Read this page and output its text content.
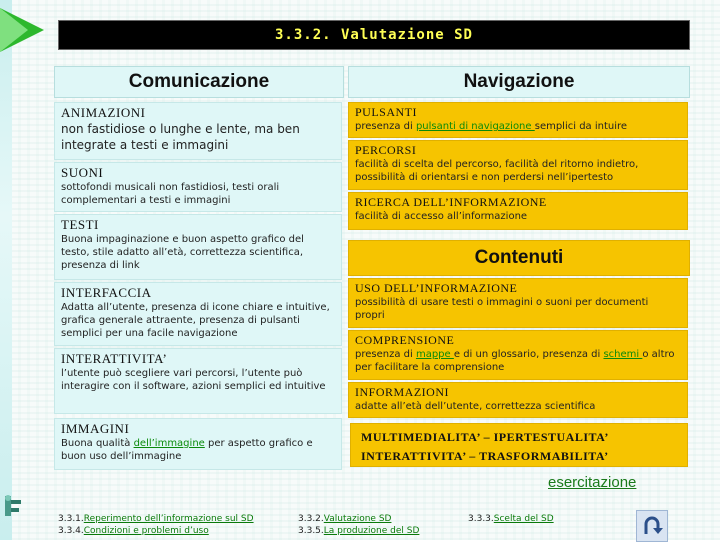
3.3.2. Valutazione SD
Comunicazione
ANIMAZIONI
non fastidiose o lunghe e lente, ma ben integrate a testi e immagini
SUONI
sottofondi musicali non fastidiosi, testi orali complementari a testi e immagini
TESTI
Buona impaginazione e buon aspetto grafico del testo, stile adatto all’età, correttezza scientifica, presenza di link
INTERFACCIA
Adatta all’utente, presenza di icone chiare e intuitive, grafica generale attraente, presenza di pulsanti semplici per una facile navigazione
INTERATTIVITA’
l’utente può scegliere vari percorsi, l’utente può interagire con il software, azioni semplici ed intuitive
IMMAGINI
Buona qualità dell’immagine per aspetto grafico e buon uso dell’immagine
Navigazione
PULSANTI
presenza di pulsanti di navigazione semplici da intuire
PERCORSI
facilità di scelta del percorso, facilità del ritorno indietro, possibilità di orientarsi e non perdersi nell’ipertesto
RICERCA DELL’INFORMAZIONE
facilità di accesso all’informazione
Contenuti
USO DELL’INFORMAZIONE
possibilità di usare testi o immagini o suoni per documenti propri
COMPRENSIONE
presenza di mappe e di un glossario, presenza di schemi o altro per facilitare la comprensione
INFORMAZIONI
adatte all’età dell’utente, correttezza scientifica
MULTIMEDIALITA’ – IPERTESTUALITA’
INTERATTIVITA’ – TRASFORMABILITA’
esercitazione
3.3.1.Reperimento dell’informazione sul SD
3.3.4.Condizioni e problemi d’uso
3.3.2.Valutazione SD
3.3.5.La produzione del SD
3.3.3.Scelta del SD
